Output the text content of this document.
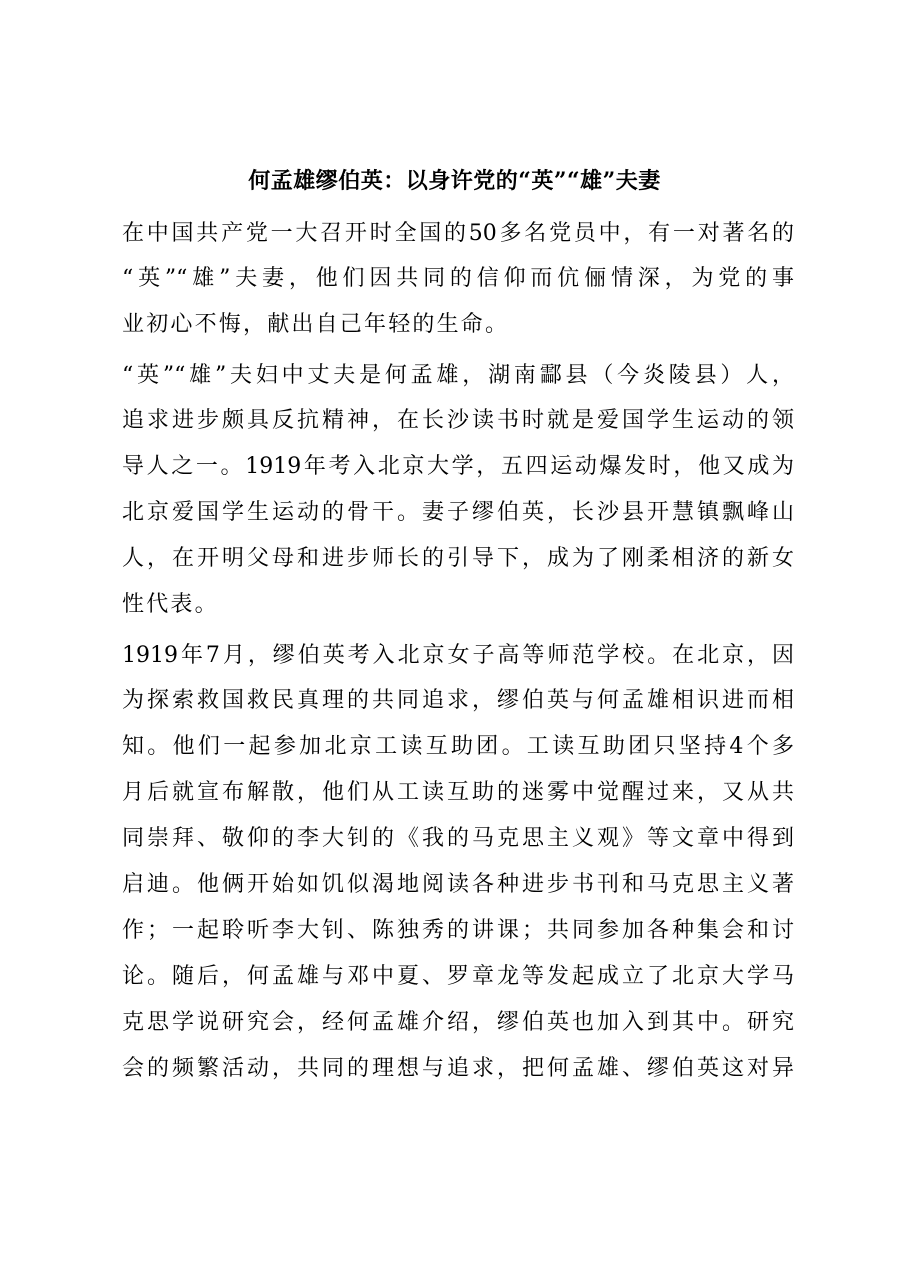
何孟雄缪伯英：以身许党的“英”“雄”夫妻
在中国共产党一大召开时全国的50多名党员中，有一对著名的
“英”“雄”夫妻，他们因共同的信仰而伉俪情深，为党的事
业初心不悔，献出自己年轻的生命。
“英”“雄”夫妇中丈夫是何孟雄，湖南酃县（今炎陵县）人，
追求进步颇具反抗精神，在长沙读书时就是爱国学生运动的领
导人之一。1919年考入北京大学，五四运动爆发时，他又成为
北京爱国学生运动的骨干。妻子缪伯英，长沙县开慧镇飘峰山
人，在开明父母和进步师长的引导下，成为了刚柔相济的新女
性代表。
1919年7月，缪伯英考入北京女子高等师范学校。在北京，因
为探索救国救民真理的共同追求，缪伯英与何孟雄相识进而相
知。他们一起参加北京工读互助团。工读互助团只坚持4个多
月后就宣布解散，他们从工读互助的迷雾中觉醒过来，又从共
同崇拜、敬仰的李大钊的《我的马克思主义观》等文章中得到
启迪。他俩开始如饥似渴地阅读各种进步书刊和马克思主义著
作；一起聆听李大钊、陈独秀的讲课；共同参加各种集会和讨
论。随后，何孟雄与邓中夏、罗章龙等发起成立了北京大学马
克思学说研究会，经何孟雄介绍，缪伯英也加入到其中。研究
会的频繁活动，共同的理想与追求，把何孟雄、缪伯英这对异
